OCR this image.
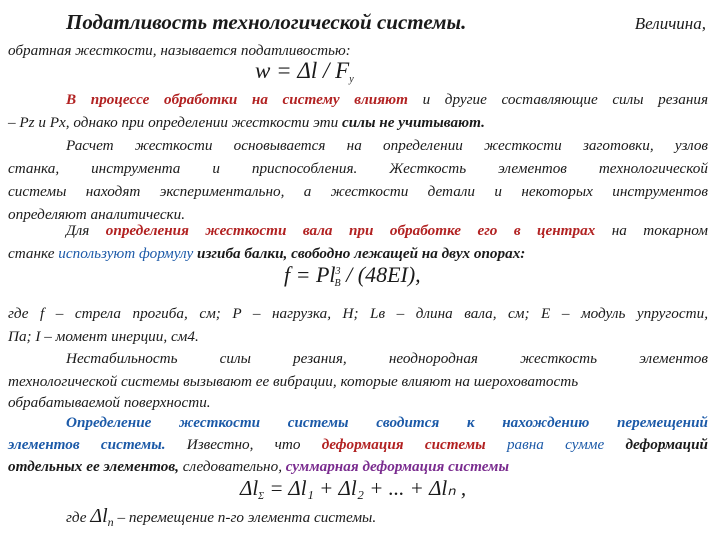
Податливость технологической системы.	Величина,
обратная жесткости, называется податливостью:
w = Δl / Fy
В процессе обработки на систему влияют и другие составляющие силы резания
– Pz и Px, однако при определении жесткости эти силы не учитывают.
Расчет жесткости основывается на определении жесткости заготовки, узлов
станка, инструмента и приспособления. Жесткость элементов технологической
системы находят экспериментально, а жесткости детали и некоторых инструментов
определяют аналитически.
Для определения жесткости вала при обработке его в центрах на токарном
станке используют формулу изгиба балки, свободно лежащей на двух опорах:
$f = Pl^3В / (48EI)$,
где f – стрела прогиба, см; P – нагрузка, Н; Lв – длина вала, см; E – модуль упругости,
Па; I – момент инерции, см4.
Нестабильность силы резания, неоднородная жесткость элементов
технологической системы вызывают ее вибрации, которые влияют на шероховатость
обрабатываемой поверхности.
Определение жесткости системы сводится к нахождению перемещений
элементов системы. Известно, что деформация системы равна сумме деформаций
отдельных ее элементов, следовательно, суммарная деформация системы
ΔlΣ = Δl₁ + Δl₂ + ... + Δlₙ ,
где $\Delta l_n$ – перемещение n-го элемента системы.
